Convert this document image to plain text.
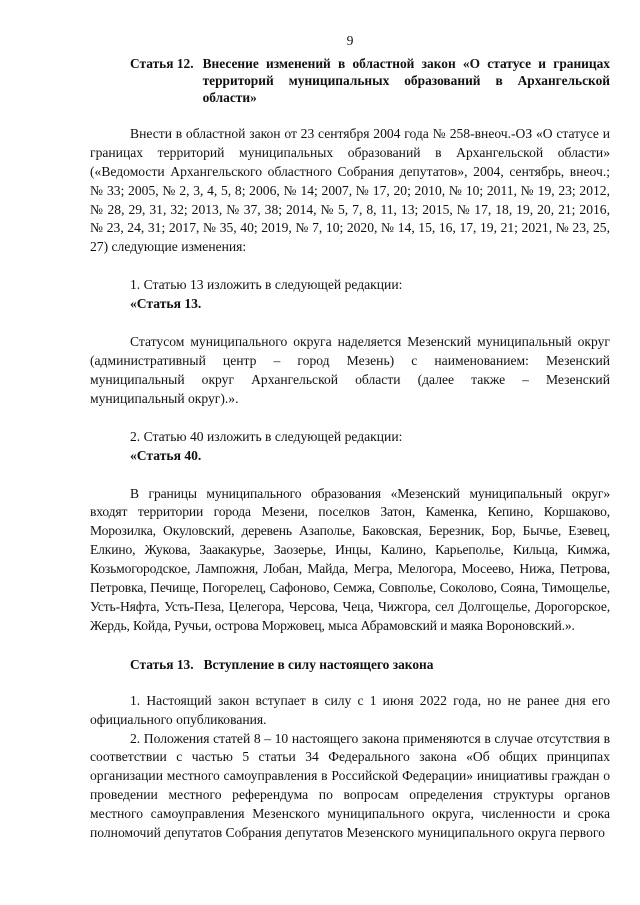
9
Статья 12. Внесение изменений в областной закон «О статусе и границах территорий муниципальных образований в Архангельской области»

Внести в областной закон от 23 сентября 2004 года № 258-внеоч.-ОЗ «О статусе и границах территорий муниципальных образований в Архангельской области» («Ведомости Архангельского областного Собрания депутатов», 2004, сентябрь, внеоч.; № 33; 2005, № 2, 3, 4, 5, 8; 2006, № 14; 2007, № 17, 20; 2010, № 10; 2011, № 19, 23; 2012, № 28, 29, 31, 32; 2013, № 37, 38; 2014, № 5, 7, 8, 11, 13; 2015, № 17, 18, 19, 20, 21; 2016, № 23, 24, 31; 2017, № 35, 40; 2019, № 7, 10; 2020, № 14, 15, 16, 17, 19, 21; 2021, № 23, 25, 27) следующие изменения:

1. Статью 13 изложить в следующей редакции:

«Статья 13.

Статусом муниципального округа наделяется Мезенский муниципальный округ (административный центр – город Мезень) с наименованием: Мезенский муниципальный округ Архангельской области (далее также – Мезенский муниципальный округ).».

2. Статью 40 изложить в следующей редакции:

«Статья 40.

В границы муниципального образования «Мезенский муниципальный округ» входят территории города Мезени, поселков Затон, Каменка, Кепино, Коршаково, Морозилка, Окуловский, деревень Азаполье, Баковская, Березник, Бор, Бычье, Езевец, Елкино, Жукова, Заакакурье, Заозерье, Инцы, Калино, Карьеполье, Кильца, Кимжа, Козьмогородское, Лампожня, Лобан, Майда, Мегра, Мелогора, Мосеево, Нижа, Петрова, Петровка, Печище, Погорелец, Сафоново, Семжа, Совполье, Соколово, Сояна, Тимощелье, Усть-Няфта, Усть-Пеза, Целегора, Черсова, Чеца, Чижгора, сел Долгощелье, Дорогорское, Жердь, Койда, Ручьи, острова Моржовец, мыса Абрамовский и маяка Вороновский.».

Статья 13. Вступление в силу настоящего закона

1. Настоящий закон вступает в силу с 1 июня 2022 года, но не ранее дня его официального опубликования.

2. Положения статей 8 – 10 настоящего закона применяются в случае отсутствия в соответствии с частью 5 статьи 34 Федерального закона «Об общих принципах организации местного самоуправления в Российской Федерации» инициативы граждан о проведении местного референдума по вопросам определения структуры органов местного самоуправления Мезенского муниципального округа, численности и срока полномочий депутатов Собрания депутатов Мезенского муниципального округа первого
